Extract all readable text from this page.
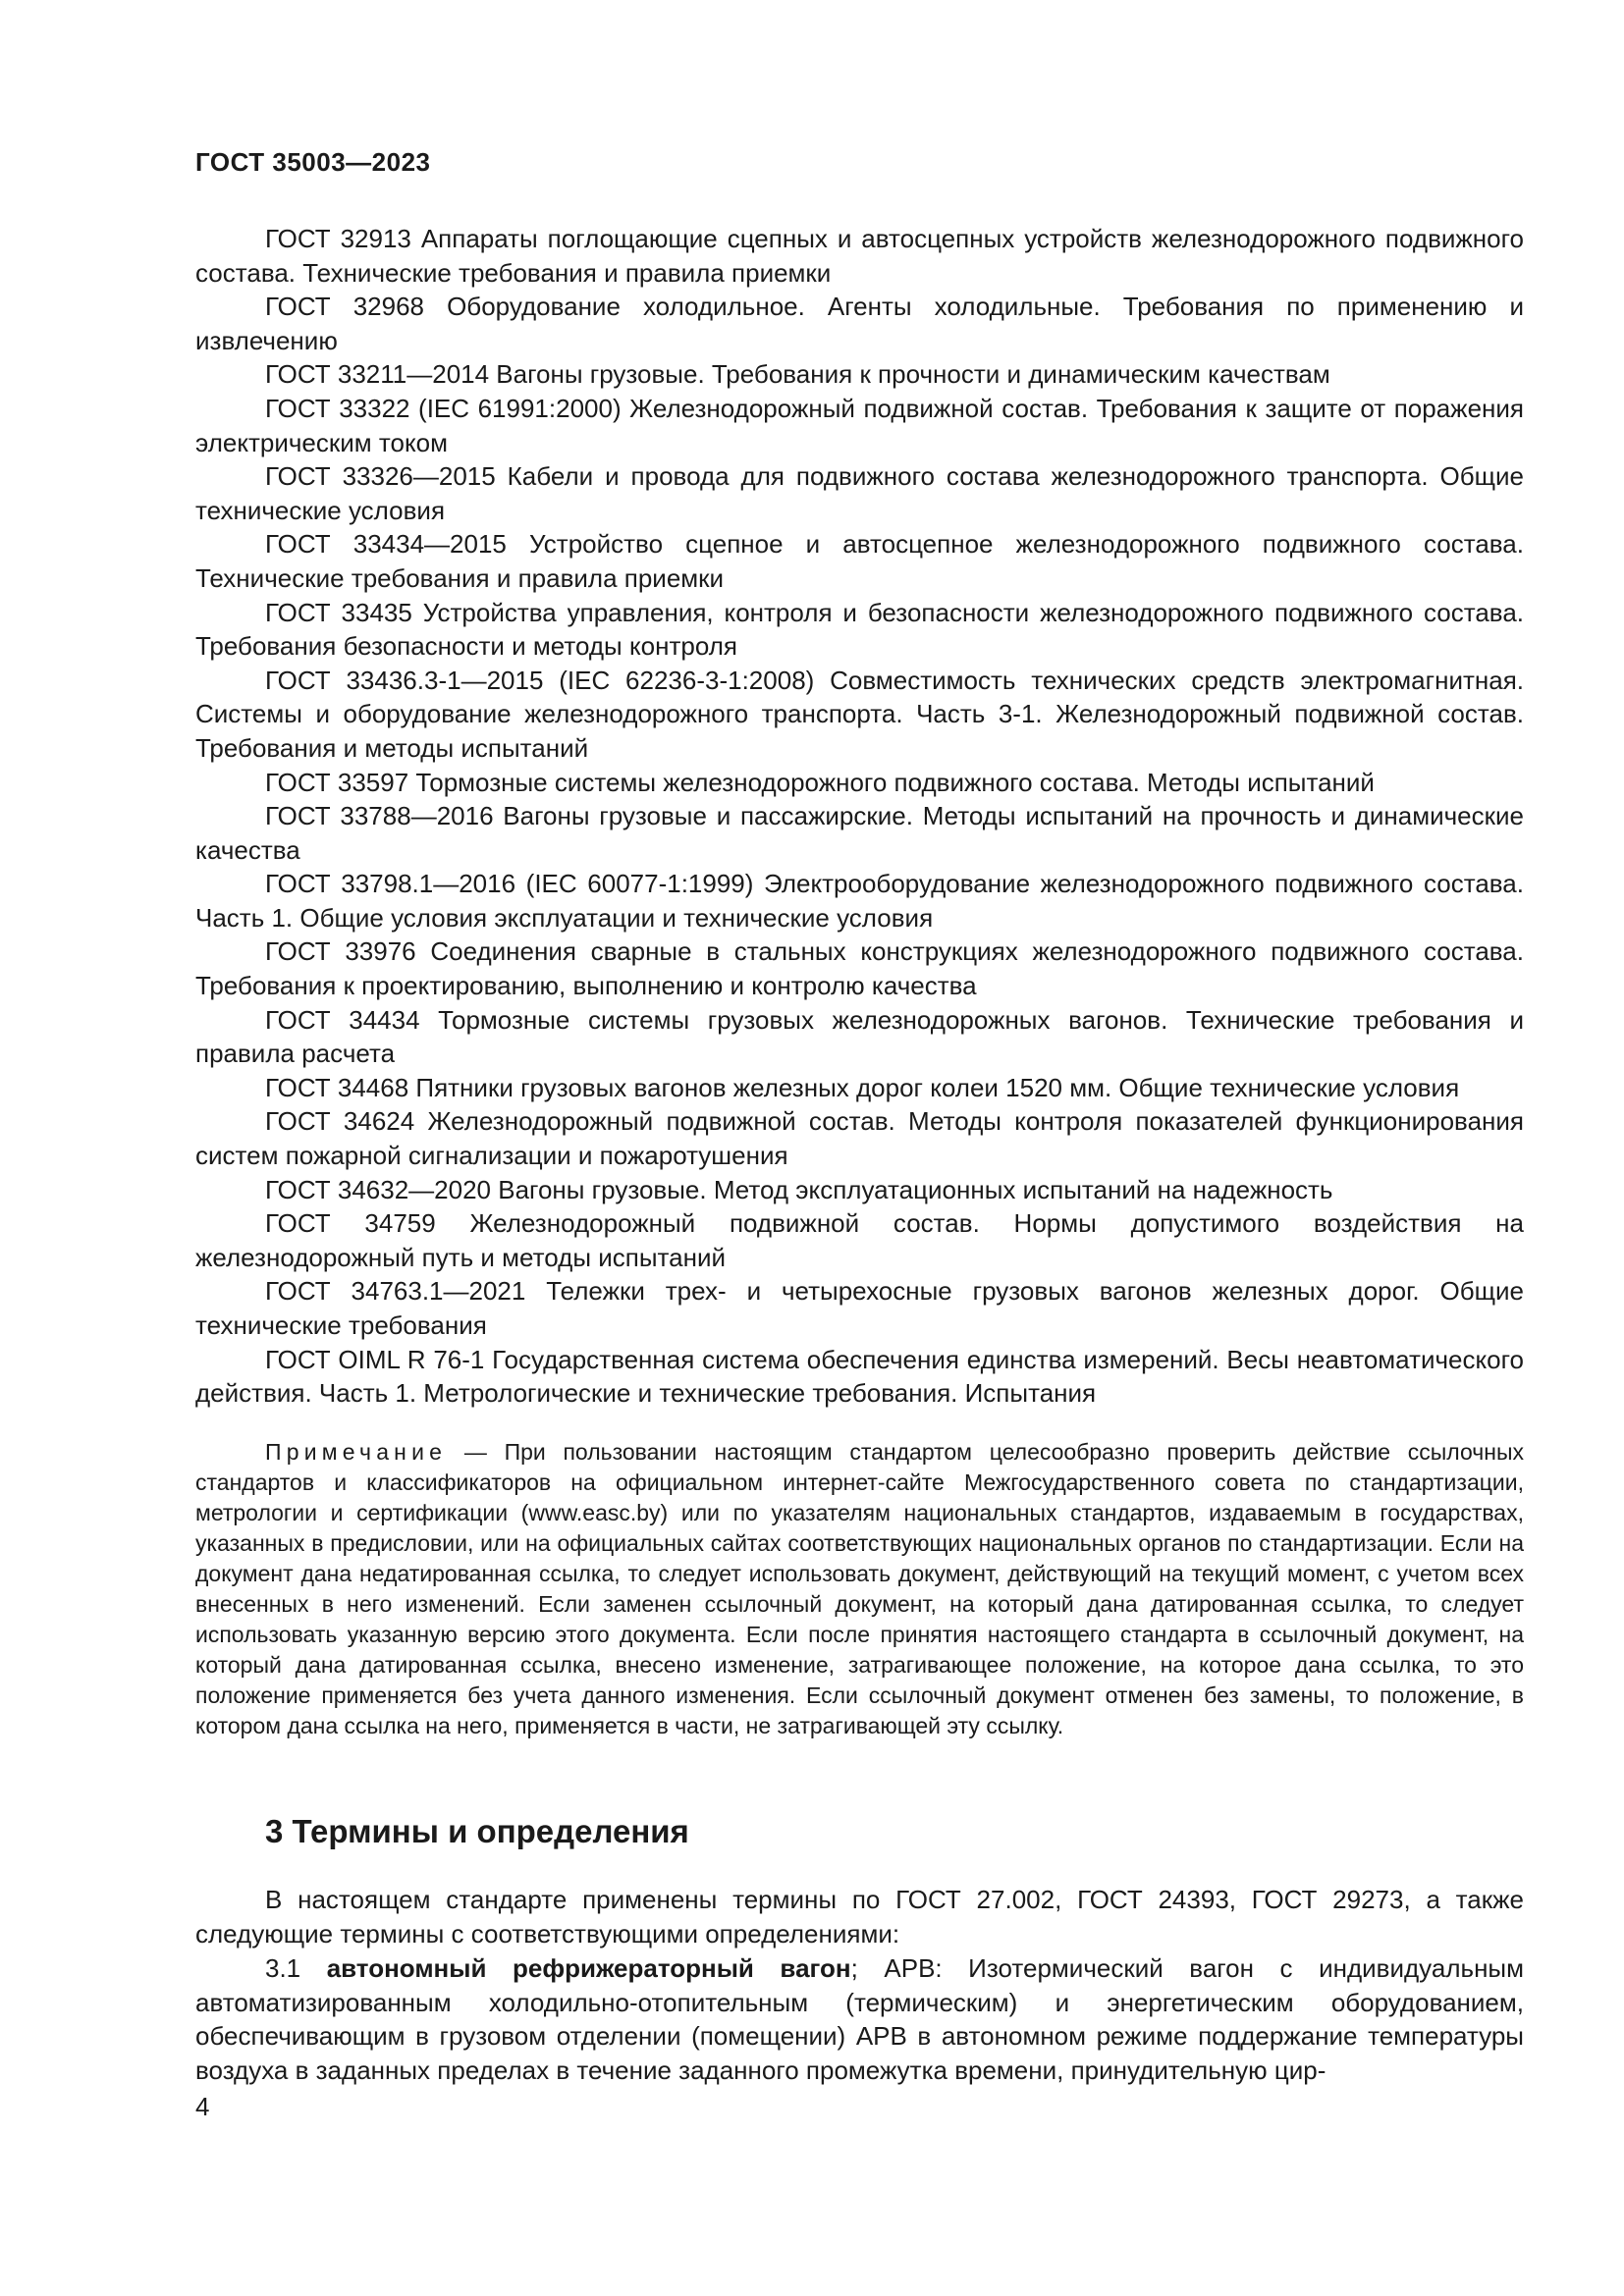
ГОСТ 35003—2023

ГОСТ 32913 Аппараты поглощающие сцепных и автосцепных устройств железнодорожного подвижного состава. Технические требования и правила приемки

ГОСТ 32968 Оборудование холодильное. Агенты холодильные. Требования по применению и извлечению

ГОСТ 33211—2014 Вагоны грузовые. Требования к прочности и динамическим качествам

ГОСТ 33322 (IEC 61991:2000) Железнодорожный подвижной состав. Требования к защите от поражения электрическим током

ГОСТ 33326—2015 Кабели и провода для подвижного состава железнодорожного транспорта. Общие технические условия

ГОСТ 33434—2015 Устройство сцепное и автосцепное железнодорожного подвижного состава. Технические требования и правила приемки

ГОСТ 33435 Устройства управления, контроля и безопасности железнодорожного подвижного состава. Требования безопасности и методы контроля

ГОСТ 33436.3-1—2015 (IEC 62236-3-1:2008) Совместимость технических средств электромагнитная. Системы и оборудование железнодорожного транспорта. Часть 3-1. Железнодорожный подвижной состав. Требования и методы испытаний

ГОСТ 33597 Тормозные системы железнодорожного подвижного состава. Методы испытаний

ГОСТ 33788—2016 Вагоны грузовые и пассажирские. Методы испытаний на прочность и динамические качества

ГОСТ 33798.1—2016 (IEC 60077-1:1999) Электрооборудование железнодорожного подвижного состава. Часть 1. Общие условия эксплуатации и технические условия

ГОСТ 33976 Соединения сварные в стальных конструкциях железнодорожного подвижного состава. Требования к проектированию, выполнению и контролю качества

ГОСТ 34434 Тормозные системы грузовых железнодорожных вагонов. Технические требования и правила расчета

ГОСТ 34468 Пятники грузовых вагонов железных дорог колеи 1520 мм. Общие технические условия

ГОСТ 34624 Железнодорожный подвижной состав. Методы контроля показателей функционирования систем пожарной сигнализации и пожаротушения

ГОСТ 34632—2020 Вагоны грузовые. Метод эксплуатационных испытаний на надежность

ГОСТ 34759 Железнодорожный подвижной состав. Нормы допустимого воздействия на железнодорожный путь и методы испытаний

ГОСТ 34763.1—2021 Тележки трех- и четырехосные грузовых вагонов железных дорог. Общие технические требования

ГОСТ OIML R 76-1 Государственная система обеспечения единства измерений. Весы неавтоматического действия. Часть 1. Метрологические и технические требования. Испытания

Примечание — При пользовании настоящим стандартом целесообразно проверить действие ссылочных стандартов и классификаторов на официальном интернет-сайте Межгосударственного совета по стандартизации, метрологии и сертификации (www.easc.by) или по указателям национальных стандартов, издаваемым в государствах, указанных в предисловии, или на официальных сайтах соответствующих национальных органов по стандартизации. Если на документ дана недатированная ссылка, то следует использовать документ, действующий на текущий момент, с учетом всех внесенных в него изменений. Если заменен ссылочный документ, на который дана датированная ссылка, то следует использовать указанную версию этого документа. Если после принятия настоящего стандарта в ссылочный документ, на который дана датированная ссылка, внесено изменение, затрагивающее положение, на которое дана ссылка, то это положение применяется без учета данного изменения. Если ссылочный документ отменен без замены, то положение, в котором дана ссылка на него, применяется в части, не затрагивающей эту ссылку.

3 Термины и определения

В настоящем стандарте применены термины по ГОСТ 27.002, ГОСТ 24393, ГОСТ 29273, а также следующие термины с соответствующими определениями:

3.1 автономный рефрижераторный вагон; АРВ: Изотермический вагон с индивидуальным автоматизированным холодильно-отопительным (термическим) и энергетическим оборудованием, обеспечивающим в грузовом отделении (помещении) АРВ в автономном режиме поддержание температуры воздуха в заданных пределах в течение заданного промежутка времени, принудительную цир-

4
